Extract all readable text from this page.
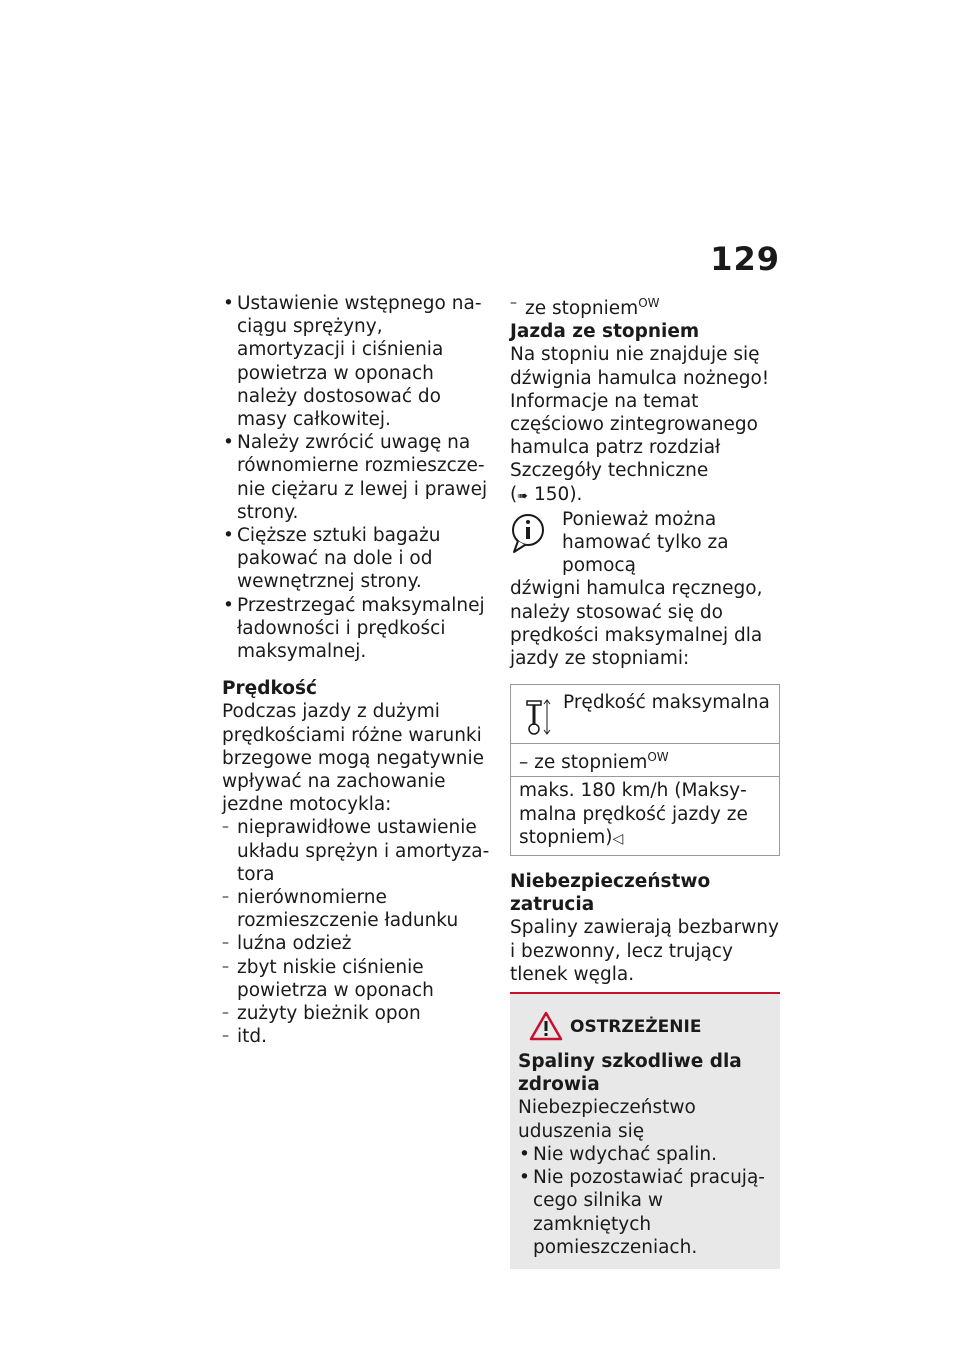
129
• Ustawienie wstępnego naciągu sprężyny, amortyzacji i ciśnienia powietrza w oponach należy dostosować do masy całkowitej.
• Należy zwrócić uwagę na równomierne rozmieszczenie ciężaru z lewej i prawej strony.
• Cięższe sztuki bagażu pakować na dole i od wewnętrznej strony.
• Przestrzegać maksymalnej ładowności i prędkości maksymalnej.

Prędkość

Podczas jazdy z dużymi prędkościami różne warunki brzegowe mogą negatywnie wpływać na zachowanie jezdne motocykla:

– nieprawidłowe ustawienie układu sprężyn i amortyzatora
– nierównomierne rozmieszczenie ładunku
– luźna odzież
– zbyt niskie ciśnienie powietrza w oponach
– zużyty bieżnik opon
– itd.
– ze stopniem$^{OW}$

Jazda ze stopniem

Na stopniu nie znajduje się dźwignia hamulca nożnego! Informacje na temat częściowo zintegrowanego hamulca patrz rozdział Szczegóły techniczne

(➠ 150).

Ponieważ można hamować tylko za pomocą

dźwigni hamulca ręcznego, należy stosować się do prędkości maksymalnej dla jazdy ze stopniami:

Prędkość maksymalna
– ze stopniem$^{OW}$
maks. 180 km/h (Maksymalna prędkość jazdy ze stopniem)◁

Niebezpieczeństwo zatrucia

Spaliny zawierają bezbarwny i bezwonny, lecz trujący tlenek węgla.

OSTRZEŻENIE

Spaliny szkodliwe dla zdrowia

Niebezpieczeństwo uduszenia się

• Nie wdychać spalin.
• Nie pozostawiać pracującego silnika w zamkniętych pomieszczeniach.
